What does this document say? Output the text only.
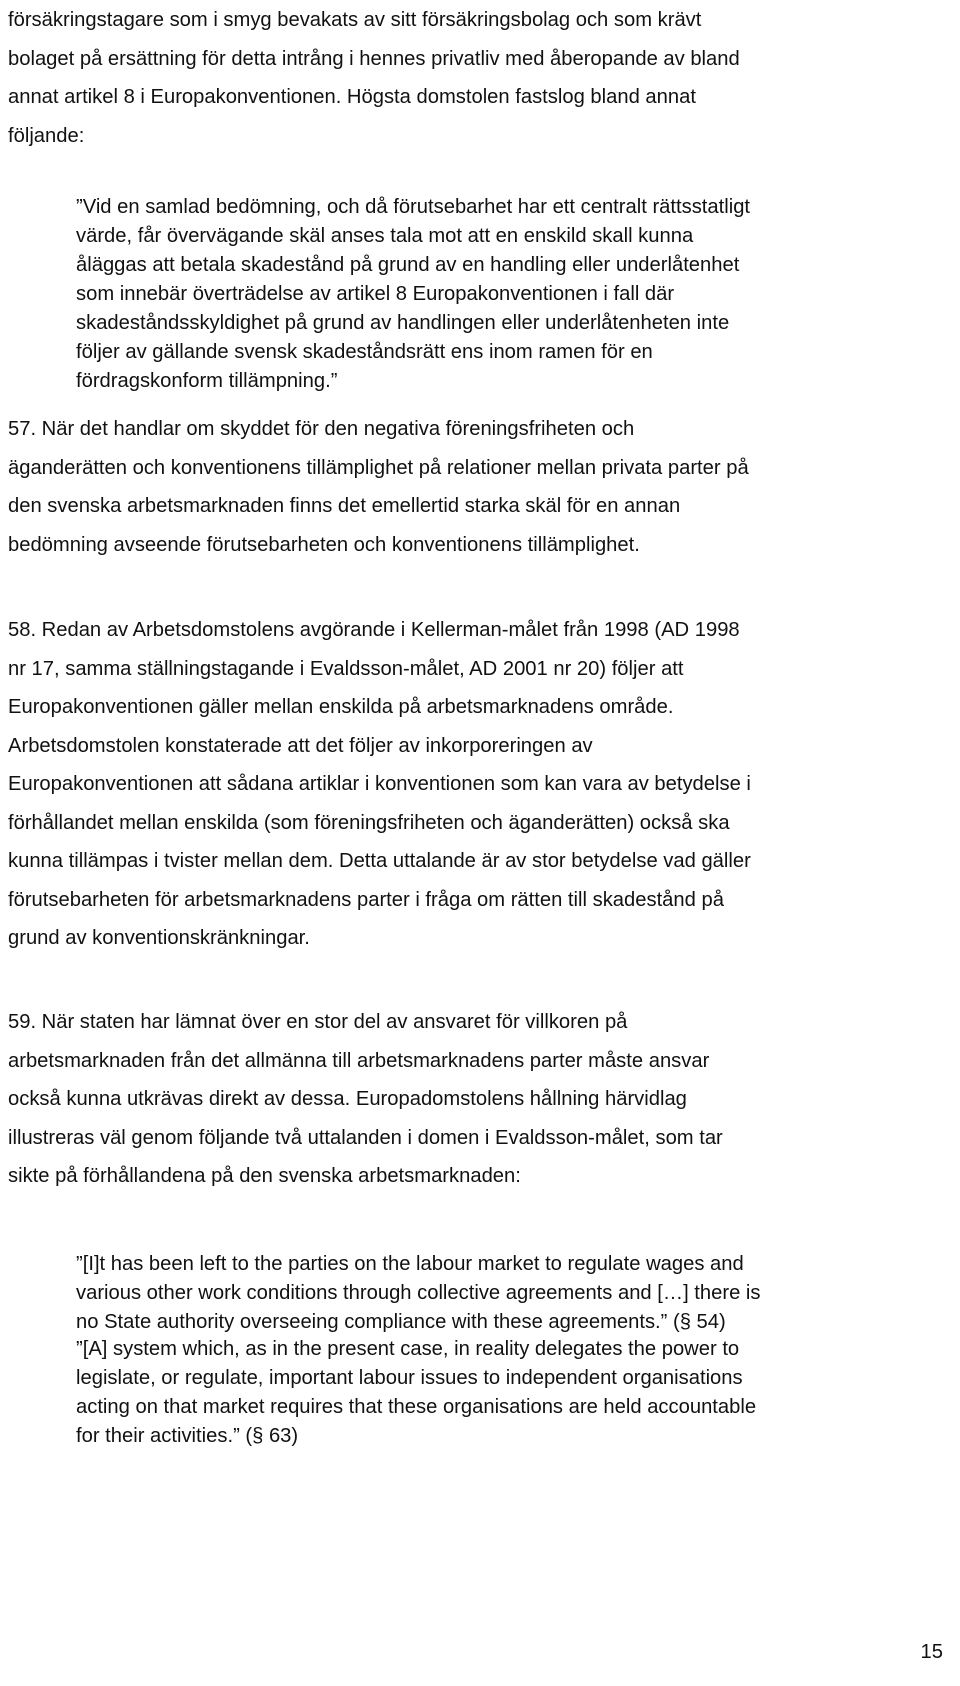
försäkringstagare som i smyg bevakats av sitt försäkringsbolag och som krävt
bolaget på ersättning för detta intrång i hennes privatliv med åberopande av bland
annat artikel 8 i Europakonventionen. Högsta domstolen fastslog bland annat
följande:
”Vid en samlad bedömning, och då förutsebarhet har ett centralt rättsstatligt
värde, får övervägande skäl anses tala mot att en enskild skall kunna
åläggas att betala skadestånd på grund av en handling eller underlåtenhet
som innebär överträdelse av artikel 8 Europakonventionen i fall där
skadeståndsskyldighet på grund av handlingen eller underlåtenheten inte
följer av gällande svensk skadeståndsrätt ens inom ramen för en
fördragskonform tillämpning.”
57. När det handlar om skyddet för den negativa föreningsfriheten och
äganderätten och konventionens tillämplighet på relationer mellan privata parter på
den svenska arbetsmarknaden finns det emellertid starka skäl för en annan
bedömning avseende förutsebarheten och konventionens tillämplighet.
58. Redan av Arbetsdomstolens avgörande i Kellerman-målet från 1998 (AD 1998
nr 17, samma ställningstagande i Evaldsson-målet, AD 2001 nr 20) följer att
Europakonventionen gäller mellan enskilda på arbetsmarknadens område.
Arbetsdomstolen konstaterade att det följer av inkorporeringen av
Europakonventionen att sådana artiklar i konventionen som kan vara av betydelse i
förhållandet mellan enskilda (som föreningsfriheten och äganderätten) också ska
kunna tillämpas i tvister mellan dem. Detta uttalande är av stor betydelse vad gäller
förutsebarheten för arbetsmarknadens parter i fråga om rätten till skadestånd på
grund av konventionskränkningar.
59. När staten har lämnat över en stor del av ansvaret för villkoren på
arbetsmarknaden från det allmänna till arbetsmarknadens parter måste ansvar
också kunna utkrävas direkt av dessa. Europadomstolens hållning härvidlag
illustreras väl genom följande två uttalanden i domen i Evaldsson-målet, som tar
sikte på förhållandena på den svenska arbetsmarknaden:
”[I]t has been left to the parties on the labour market to regulate wages and
various other work conditions through collective agreements and […] there is
no State authority overseeing compliance with these agreements.” (§ 54)
”[A] system which, as in the present case, in reality delegates the power to
legislate, or regulate, important labour issues to independent organisations
acting on that market requires that these organisations are held accountable
for their activities.” (§ 63)
15
